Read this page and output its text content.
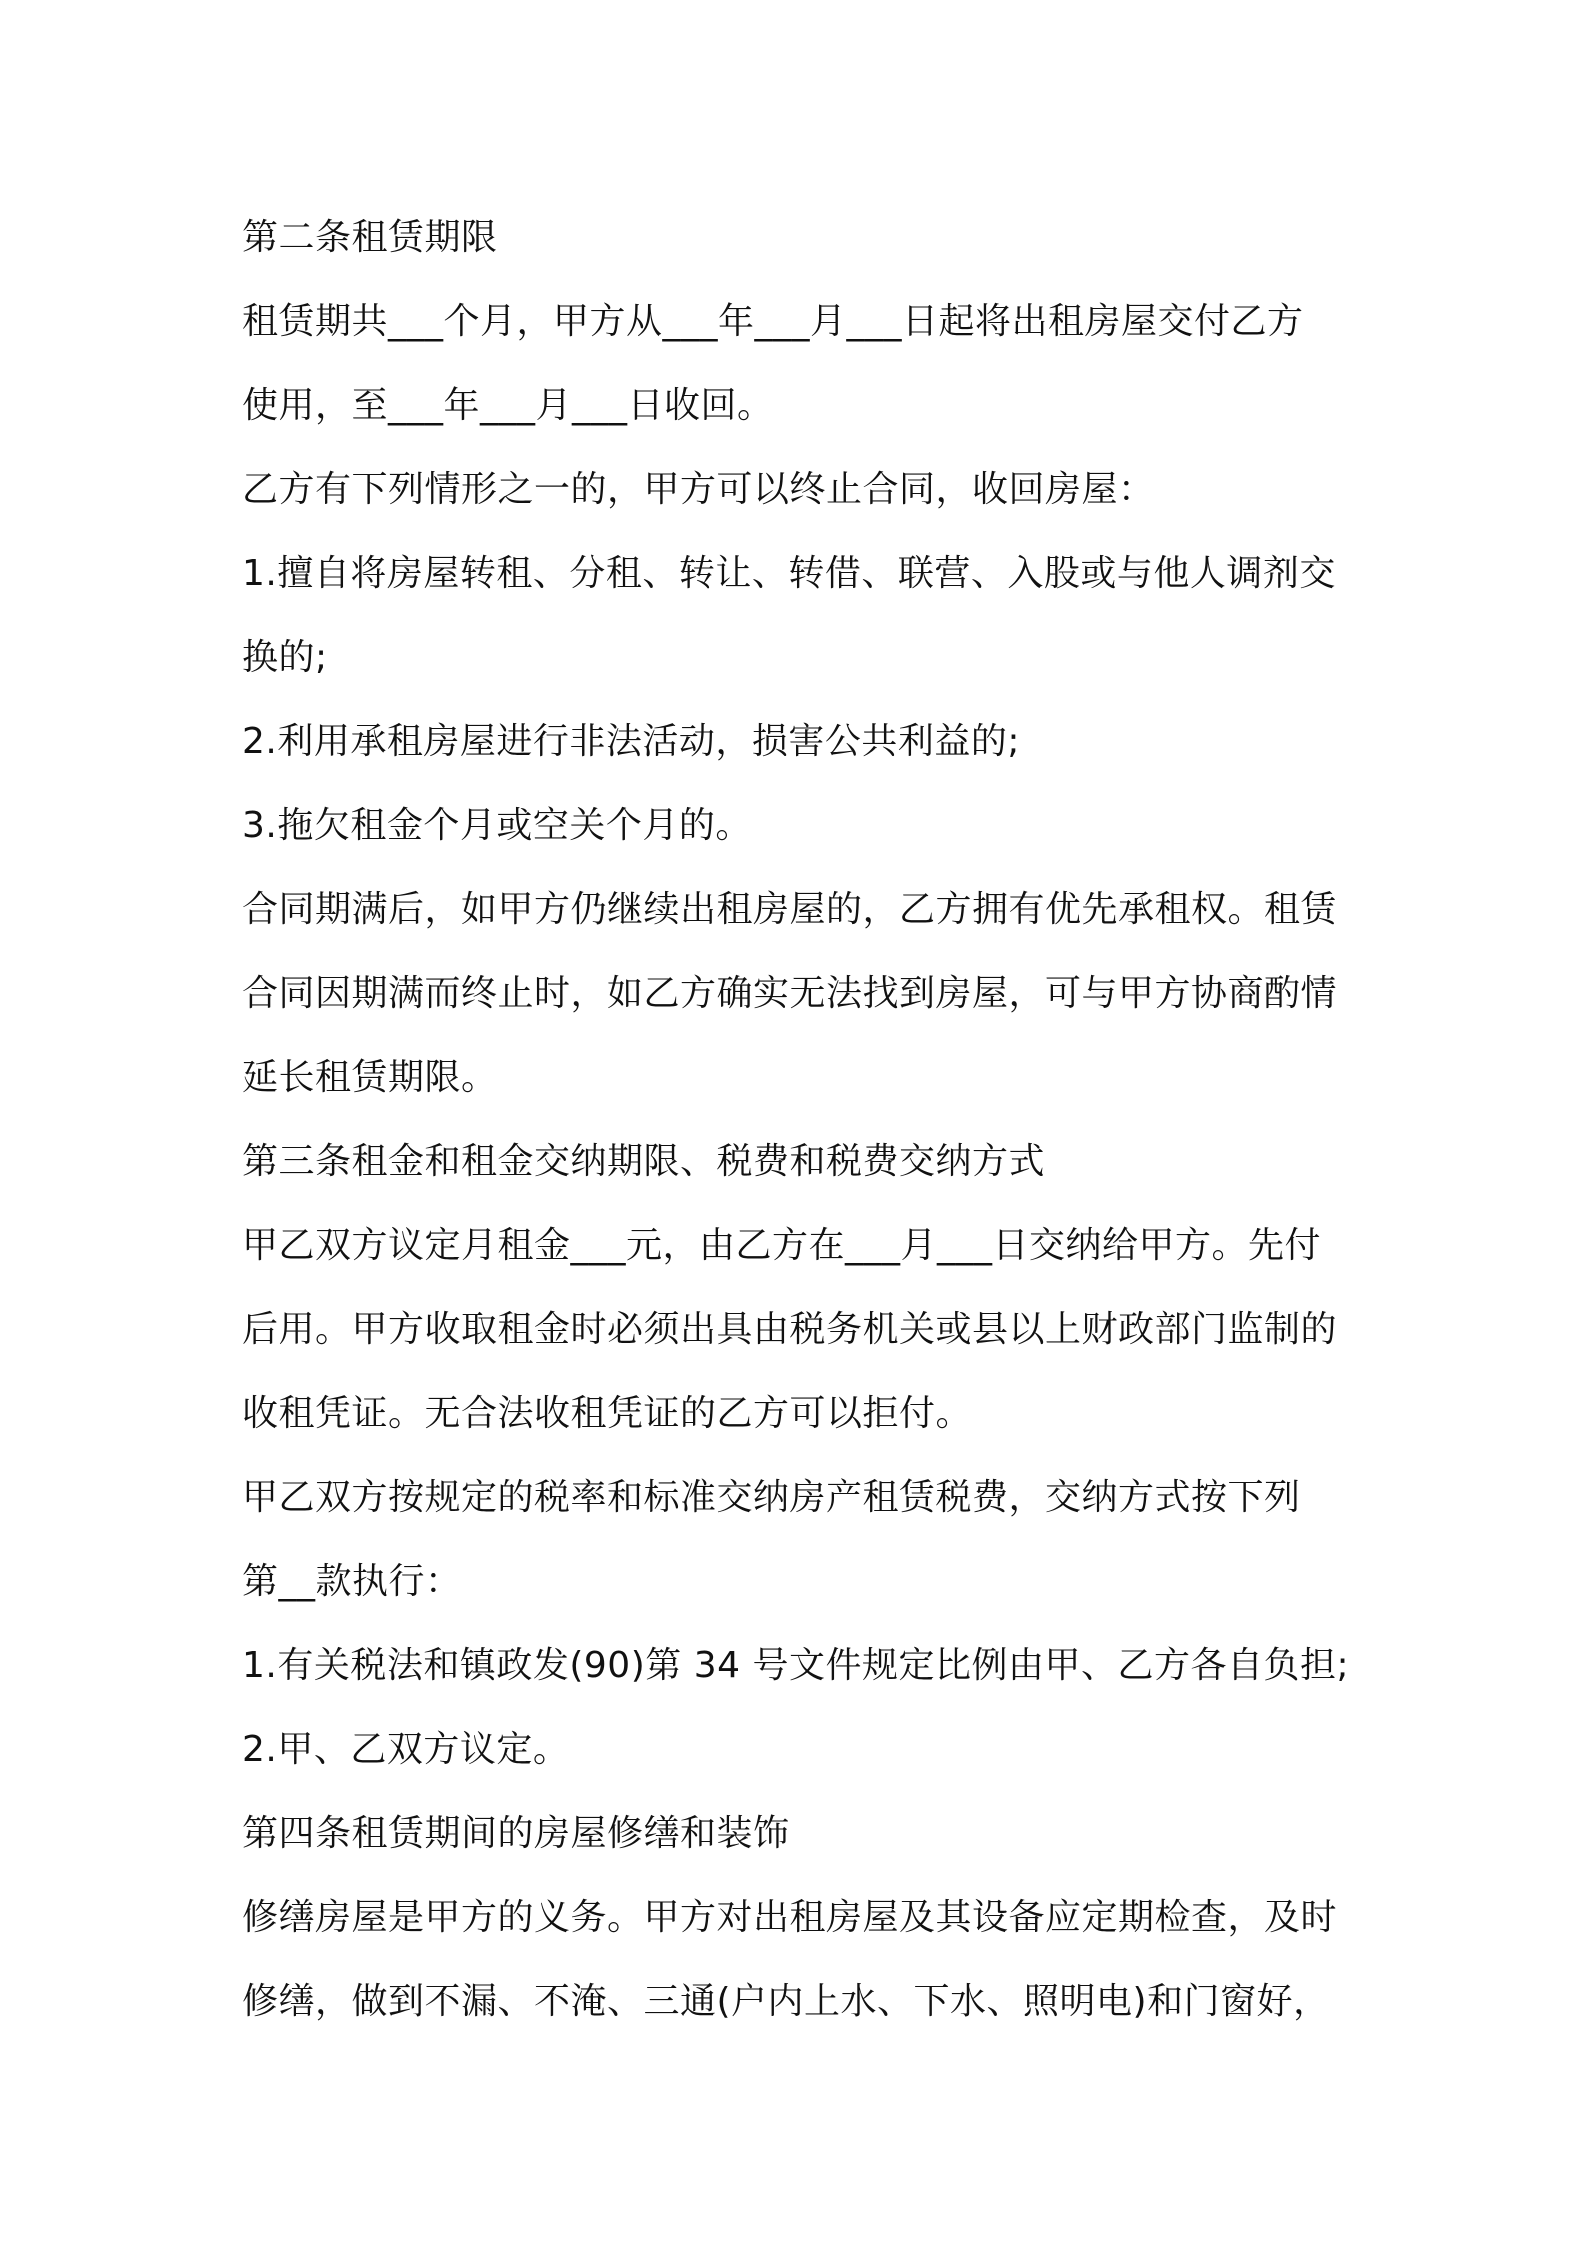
第二条租赁期限
租赁期共___个月，甲方从___年___月___日起将出租房屋交付乙方
使用，至___年___月___日收回。
乙方有下列情形之一的，甲方可以终止合同，收回房屋：
1.擅自将房屋转租、分租、转让、转借、联营、入股或与他人调剂交
换的;
2.利用承租房屋进行非法活动，损害公共利益的;
3.拖欠租金个月或空关个月的。
合同期满后，如甲方仍继续出租房屋的，乙方拥有优先承租权。租赁
合同因期满而终止时，如乙方确实无法找到房屋，可与甲方协商酌情
延长租赁期限。
第三条租金和租金交纳期限、税费和税费交纳方式
甲乙双方议定月租金___元，由乙方在___月___日交纳给甲方。先付
后用。甲方收取租金时必须出具由税务机关或县以上财政部门监制的
收租凭证。无合法收租凭证的乙方可以拒付。
甲乙双方按规定的税率和标准交纳房产租赁税费，交纳方式按下列
第__款执行：
1.有关税法和镇政发(90)第 34 号文件规定比例由甲、乙方各自负担;
2.甲、乙双方议定。
第四条租赁期间的房屋修缮和装饰
修缮房屋是甲方的义务。甲方对出租房屋及其设备应定期检查，及时
修缮，做到不漏、不淹、三通(户内上水、下水、照明电)和门窗好，
